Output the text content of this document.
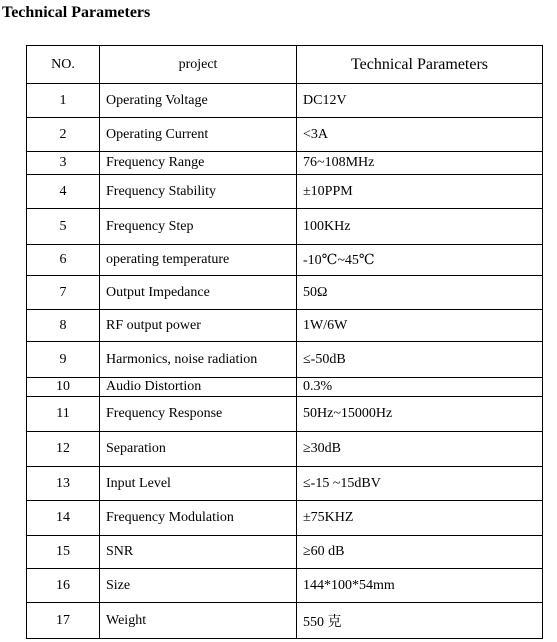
Technical Parameters
NO.	project	Technical Parameters
1	Operating Voltage	DC12V
2	Operating Current	<3A
3	Frequency Range	76~108MHz
4	Frequency Stability	±10PPM
5	Frequency Step	100KHz
6	operating temperature	-10℃~45℃
7	Output Impedance	50Ω
8	RF output power	1W/6W
9	Harmonics, noise radiation	≤-50dB
10	Audio Distortion	0.3%
11	Frequency Response	50Hz~15000Hz
12	Separation	≥30dB
13	Input Level	≤-15 ~15dBV
14	Frequency Modulation	±75KHZ
15	SNR	≥60 dB
16	Size	144*100*54mm
17	Weight	550 克
